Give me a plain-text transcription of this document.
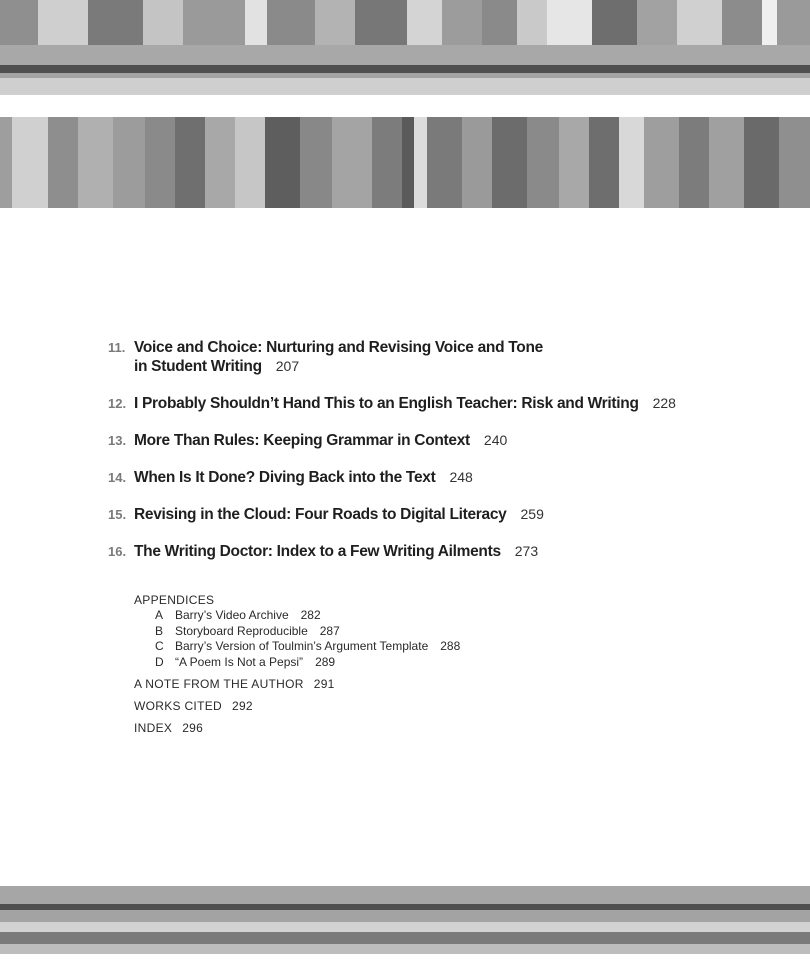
11. Voice and Choice: Nurturing and Revising Voice and Tone
in Student Writing 207
12. I Probably Shouldn’t Hand This to an English Teacher: Risk and Writing 228
13. More Than Rules: Keeping Grammar in Context 240
14. When Is It Done? Diving Back into the Text 248
15. Revising in the Cloud: Four Roads to Digital Literacy 259
16. The Writing Doctor: Index to a Few Writing Ailments 273
APPENDICES
A Barry’s Video Archive 282
B Storyboard Reproducible 287
C Barry’s Version of Toulmin’s Argument Template 288
D “A Poem Is Not a Pepsi” 289
A NOTE FROM THE AUTHOR 291
WORKS CITED 292
INDEX 296
